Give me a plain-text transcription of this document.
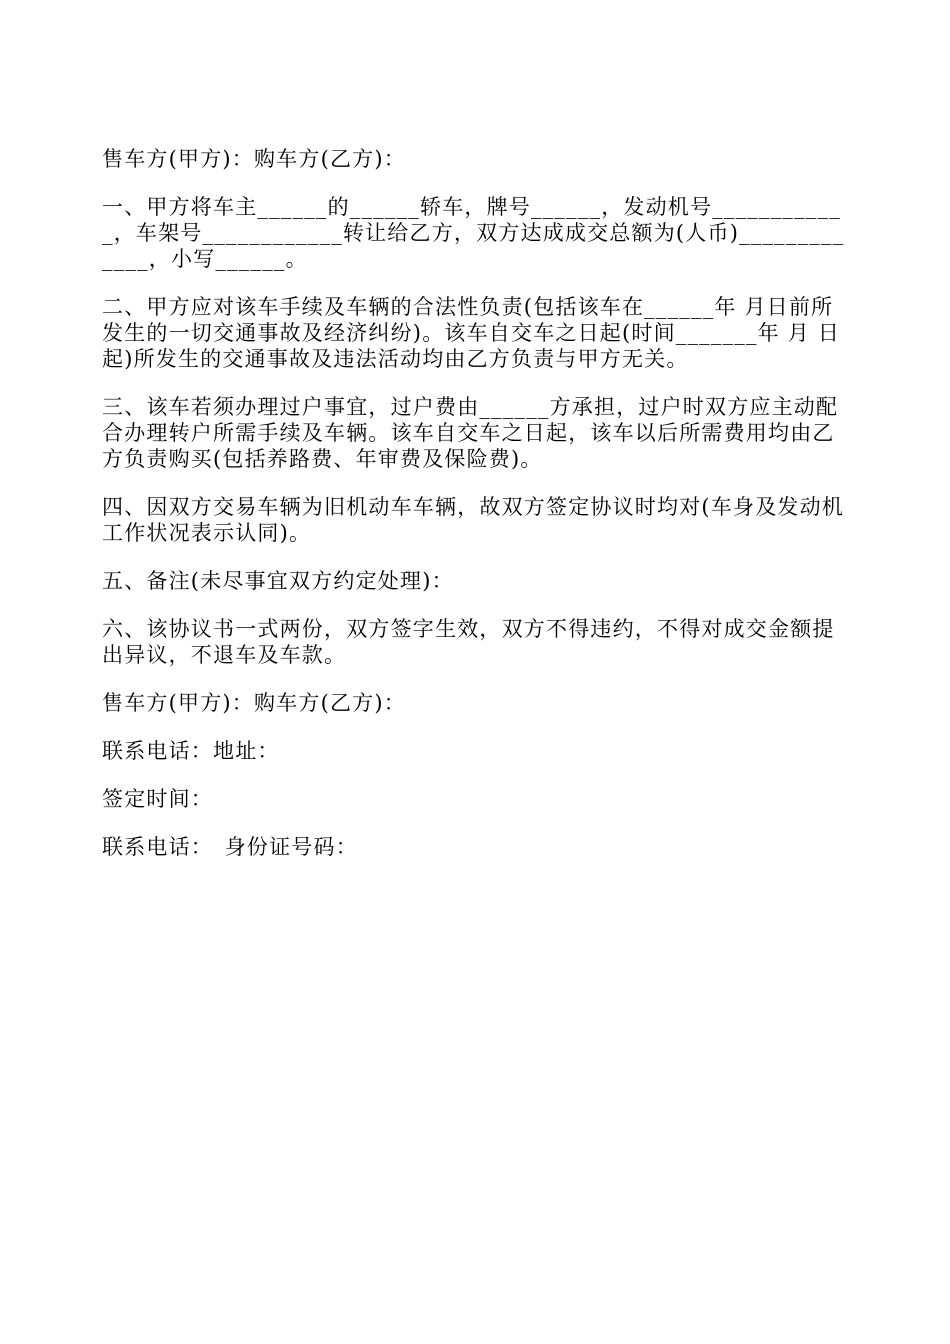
售车方(甲方)：购车方(乙方)：

一、甲方将车主______的______轿车，牌号______，发动机号____________，车架号____________转让给乙方，双方达成成交总额为(人币)_____________，小写______。

二、甲方应对该车手续及车辆的合法性负责(包括该车在______年 月日前所发生的一切交通事故及经济纠纷)。该车自交车之日起(时间_______年 月 日起)所发生的交通事故及违法活动均由乙方负责与甲方无关。

三、该车若须办理过户事宜，过户费由______方承担，过户时双方应主动配合办理转户所需手续及车辆。该车自交车之日起，该车以后所需费用均由乙方负责购买(包括养路费、年审费及保险费)。

四、因双方交易车辆为旧机动车车辆，故双方签定协议时均对(车身及发动机工作状况表示认同)。

五、备注(未尽事宜双方约定处理)：

六、该协议书一式两份，双方签字生效，双方不得违约，不得对成交金额提出异议，不退车及车款。

售车方(甲方)：购车方(乙方)：

联系电话：地址：

签定时间：

联系电话：　身份证号码：
